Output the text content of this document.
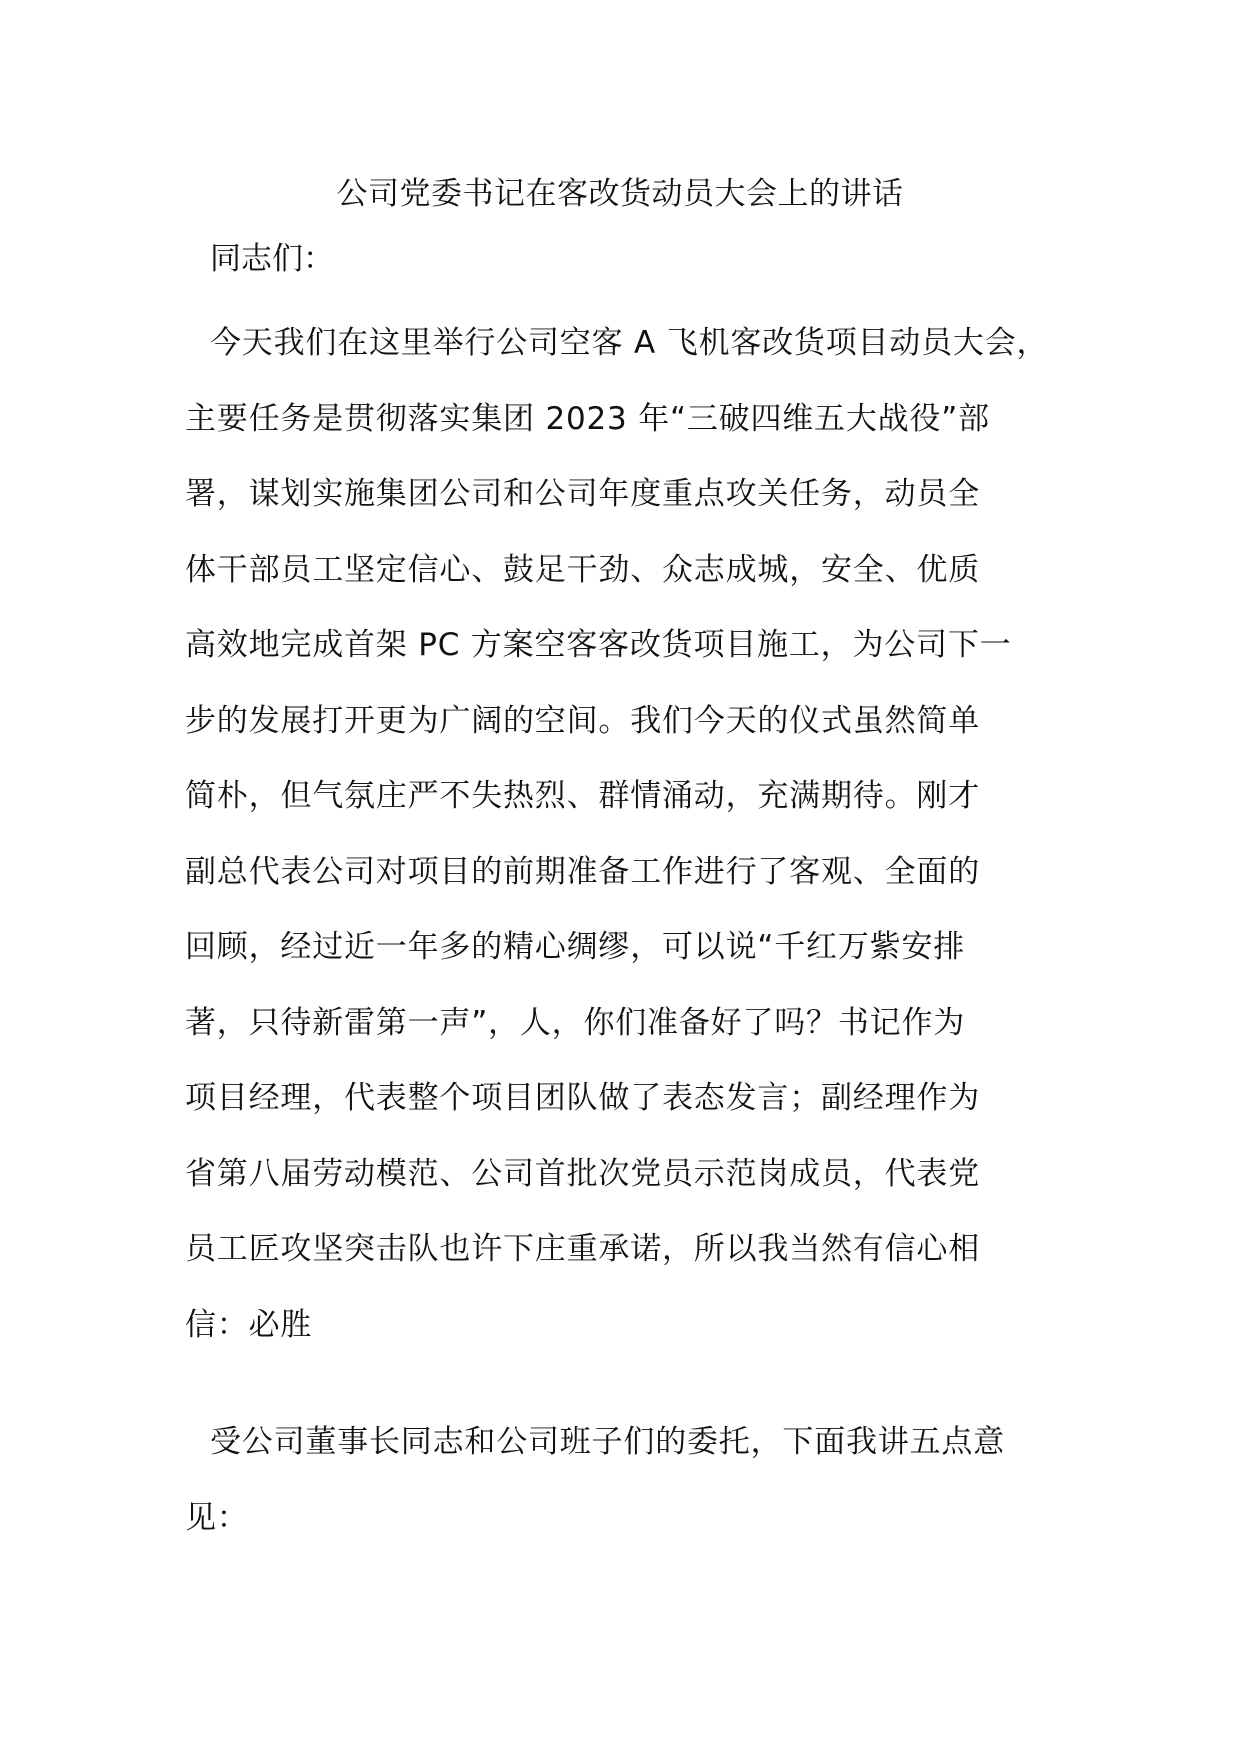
公司党委书记在客改货动员大会上的讲话
同志们：
今天我们在这里举行公司空客 A 飞机客改货项目动员大会，
主要任务是贯彻落实集团 2023 年“三破四维五大战役”部
署，谋划实施集团公司和公司年度重点攻关任务，动员全
体干部员工坚定信心、鼓足干劲、众志成城，安全、优质
高效地完成首架 PC 方案空客客改货项目施工，为公司下一
步的发展打开更为广阔的空间。我们今天的仪式虽然简单
简朴，但气氛庄严不失热烈、群情涌动，充满期待。刚才
副总代表公司对项目的前期准备工作进行了客观、全面的
回顾，经过近一年多的精心绸缪，可以说“千红万紫安排
著，只待新雷第一声”，人，你们准备好了吗？书记作为
项目经理，代表整个项目团队做了表态发言；副经理作为
省第八届劳动模范、公司首批次党员示范岗成员，代表党
员工匠攻坚突击队也许下庄重承诺，所以我当然有信心相
信：必胜
受公司董事长同志和公司班子们的委托，下面我讲五点意
见：
